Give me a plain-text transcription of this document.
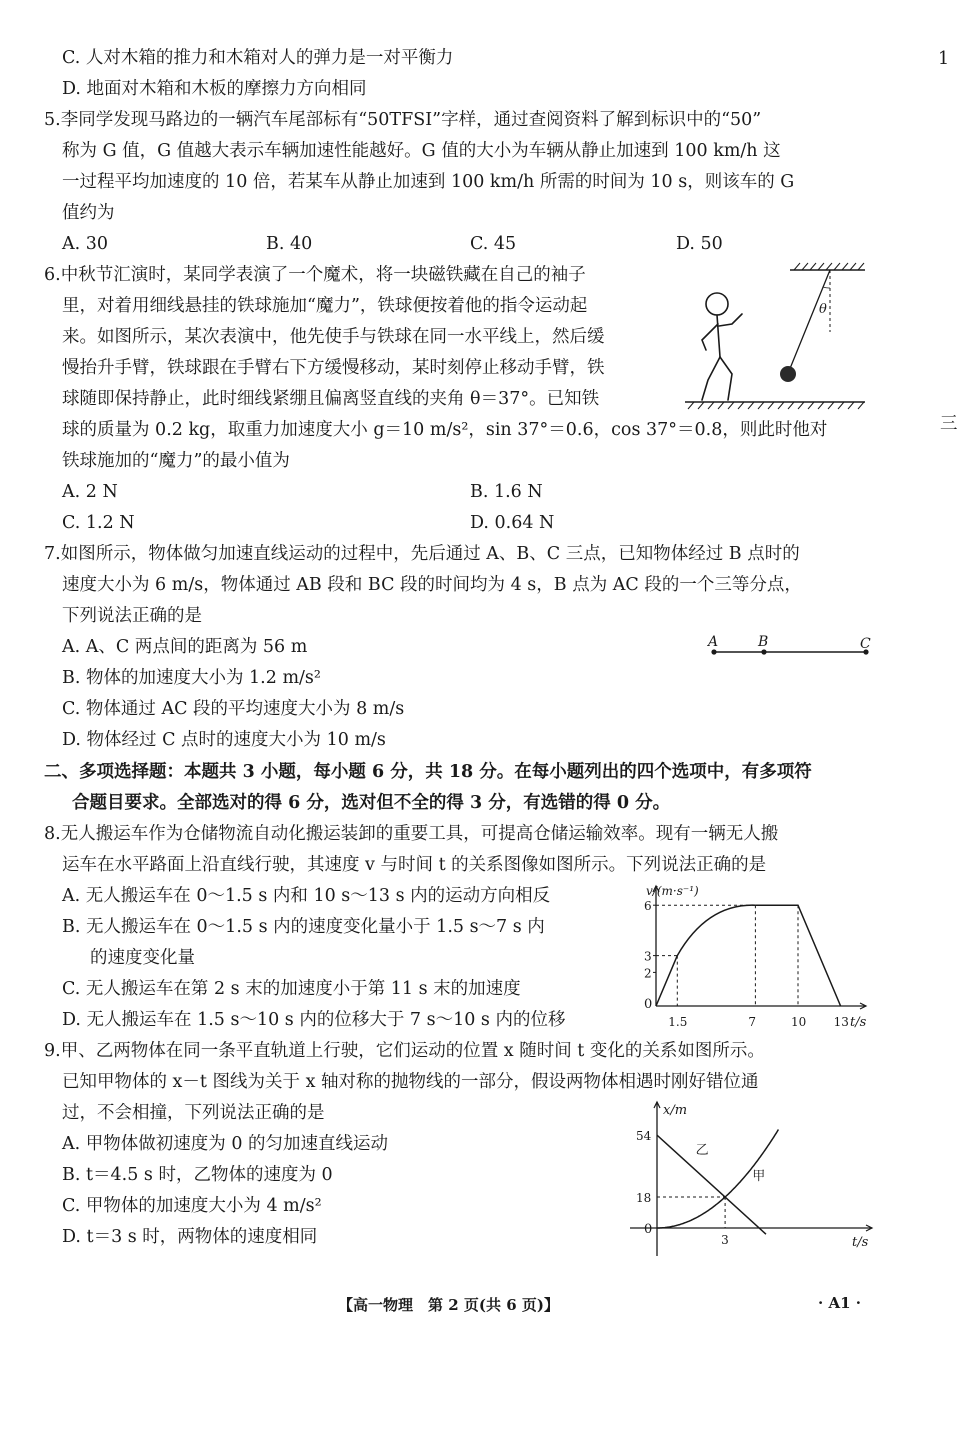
1
三
C. 人对木箱的推力和木箱对人的弹力是一对平衡力
D. 地面对木箱和木板的摩擦力方向相同
5.李同学发现马路边的一辆汽车尾部标有“50TFSI”字样，通过查阅资料了解到标识中的“50”
称为 G 值，G 值越大表示车辆加速性能越好。G 值的大小为车辆从静止加速到 100 km/h 这
一过程平均加速度的 10 倍，若某车从静止加速到 100 km/h 所需的时间为 10 s，则该车的 G
值约为
A. 30	B. 40	C. 45	D. 50
6.中秋节汇演时，某同学表演了一个魔术，将一块磁铁藏在自己的袖子
里，对着用细线悬挂的铁球施加“魔力”，铁球便按着他的指令运动起
来。如图所示，某次表演中，他先使手与铁球在同一水平线上，然后缓
慢抬升手臂，铁球跟在手臂右下方缓慢移动，某时刻停止移动手臂，铁
球随即保持静止，此时细线紧绷且偏离竖直线的夹角 θ＝37°。已知铁
球的质量为 0.2 kg，取重力加速度大小 g＝10 m/s²，sin 37°＝0.6，cos 37°＝0.8，则此时他对
铁球施加的“魔力”的最小值为
A. 2 N	B. 1.6 N
C. 1.2 N	D. 0.64 N
θ
7.如图所示，物体做匀加速直线运动的过程中，先后通过 A、B、C 三点，已知物体经过 B 点时的
速度大小为 6 m/s，物体通过 AB 段和 BC 段的时间均为 4 s，B 点为 AC 段的一个三等分点，
下列说法正确的是
A. A、C 两点间的距离为 56 m
B. 物体的加速度大小为 1.2 m/s²
C. 物体通过 AC 段的平均速度大小为 8 m/s
D. 物体经过 C 点时的速度大小为 10 m/s
A	B	C
二、多项选择题：本题共 3 小题，每小题 6 分，共 18 分。在每小题列出的四个选项中，有多项符
合题目要求。全部选对的得 6 分，选对但不全的得 3 分，有选错的得 0 分。
8.无人搬运车作为仓储物流自动化搬运装卸的重要工具，可提高仓储运输效率。现有一辆无人搬
运车在水平路面上沿直线行驶，其速度 v 与时间 t 的关系图像如图所示。下列说法正确的是
A. 无人搬运车在 0～1.5 s 内和 10 s～13 s 内的运动方向相反
B. 无人搬运车在 0～1.5 s 内的速度变化量小于 1.5 s～7 s 内
的速度变化量
C. 无人搬运车在第 2 s 末的加速度小于第 11 s 末的加速度
D. 无人搬运车在 1.5 s～10 s 内的位移大于 7 s～10 s 内的位移
v/(m·s⁻¹)
t/s
0
2
3
6
1.5	7	10 13
9.甲、乙两物体在同一条平直轨道上行驶，它们运动的位置 x 随时间 t 变化的关系如图所示。
已知甲物体的 x－t 图线为关于 x 轴对称的抛物线的一部分，假设两物体相遇时刚好错位通
过，不会相撞，下列说法正确的是
A. 甲物体做初速度为 0 的匀加速直线运动
B. t＝4.5 s 时，乙物体的速度为 0
C. 甲物体的加速度大小为 4 m/s²
D. t＝3 s 时，两物体的速度相同
x/m
t/s
0
18
54
3
甲
乙
【高一物理　第 2 页(共 6 页)】	· A1 ·
